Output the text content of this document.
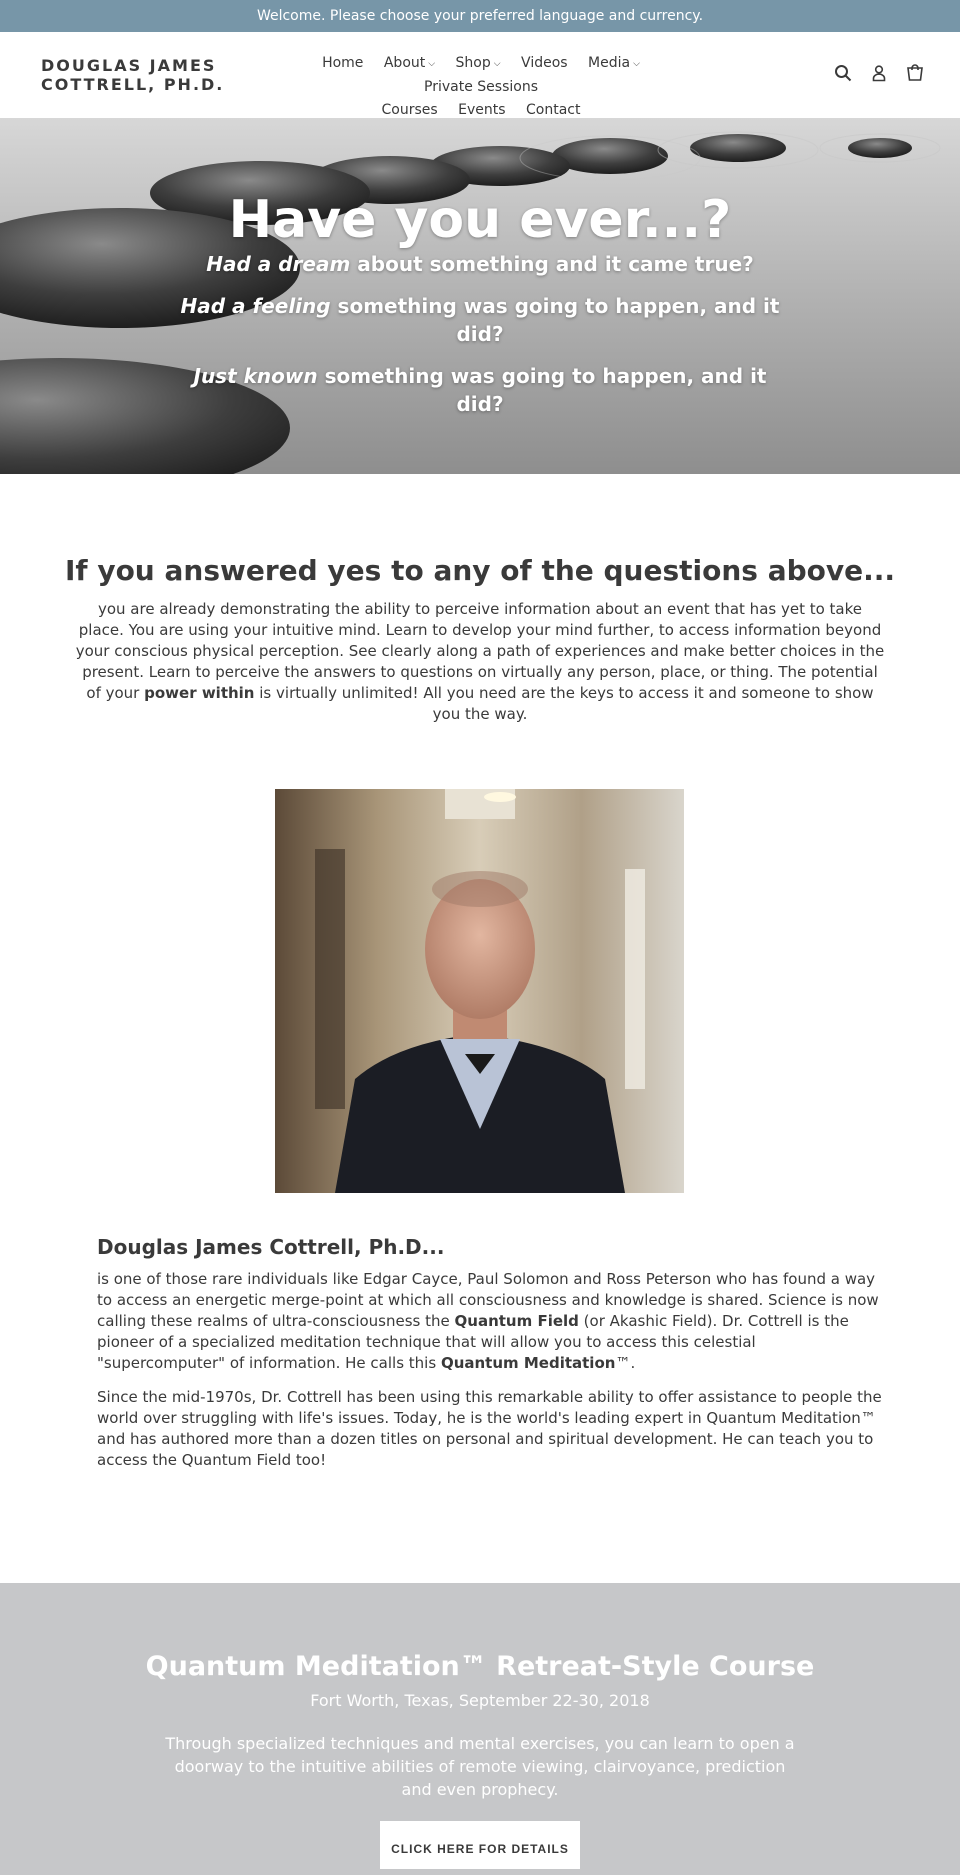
Welcome. Please choose your preferred language and currency.
DOUGLAS JAMES COTTRELL, PH.D.
Home About ⌵ Shop ⌵ Videos Media ⌵ Private Sessions
Courses Events Contact
Have you ever...?
Had a dream about something and it came true?
Had a feeling something was going to happen, and it did?
Just known something was going to happen, and it did?
If you answered yes to any of the questions above...

you are already demonstrating the ability to perceive information about an event that has yet to take place. You are using your intuitive mind. Learn to develop your mind further, to access information beyond your conscious physical perception. See clearly along a path of experiences and make better choices in the present. Learn to perceive the answers to questions on virtually any person, place, or thing. The potential of your power within is virtually unlimited! All you need are the keys to access it and someone to show you the way.

Douglas James Cottrell, Ph.D...

is one of those rare individuals like Edgar Cayce, Paul Solomon and Ross Peterson who has found a way to access an energetic merge-point at which all consciousness and knowledge is shared. Science is now calling these realms of ultra-consciousness the Quantum Field (or Akashic Field). Dr. Cottrell is the pioneer of a specialized meditation technique that will allow you to access this celestial "supercomputer" of information. He calls this Quantum Meditation™.

Since the mid-1970s, Dr. Cottrell has been using this remarkable ability to offer assistance to people the world over struggling with life's issues. Today, he is the world's leading expert in Quantum Meditation™ and has authored more than a dozen titles on personal and spiritual development. He can teach you to access the Quantum Field too!

Quantum Meditation™ Retreat-Style Course
Fort Worth, Texas, September 22-30, 2018
Through specialized techniques and mental exercises, you can learn to open a doorway to the intuitive abilities of remote viewing, clairvoyance, prediction and even prophecy.
CLICK HERE FOR DETAILS
